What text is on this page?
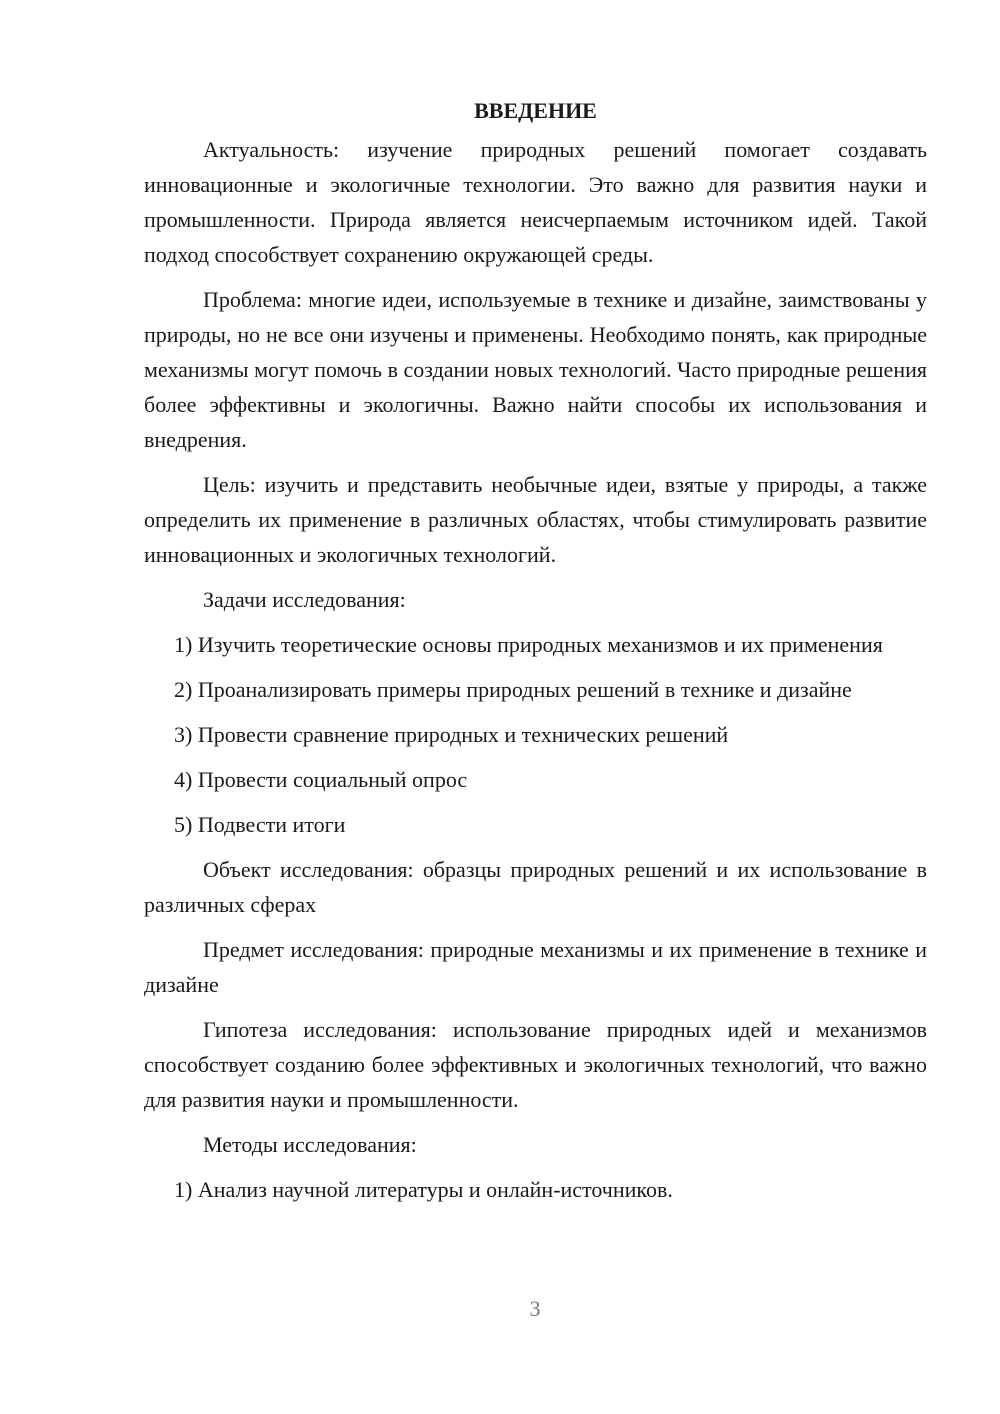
ВВЕДЕНИЕ

Актуальность: изучение природных решений помогает создавать инновационные и экологичные технологии. Это важно для развития науки и промышленности. Природа является неисчерпаемым источником идей. Такой подход способствует сохранению окружающей среды.

Проблема: многие идеи, используемые в технике и дизайне, заимствованы у природы, но не все они изучены и применены. Необходимо понять, как природные механизмы могут помочь в создании новых технологий. Часто природные решения более эффективны и экологичны. Важно найти способы их использования и внедрения.

Цель: изучить и представить необычные идеи, взятые у природы, а также определить их применение в различных областях, чтобы стимулировать развитие инновационных и экологичных технологий.

Задачи исследования:

1) Изучить теоретические основы природных механизмов и их применения

2) Проанализировать примеры природных решений в технике и дизайне

3) Провести сравнение природных и технических решений

4) Провести социальный опрос

5) Подвести итоги

Объект исследования: образцы природных решений и их использование в различных сферах

Предмет исследования: природные механизмы и их применение в технике и дизайне

Гипотеза исследования: использование природных идей и механизмов способствует созданию более эффективных и экологичных технологий, что важно для развития науки и промышленности.

Методы исследования:

1) Анализ научной литературы и онлайн-источников.

3
